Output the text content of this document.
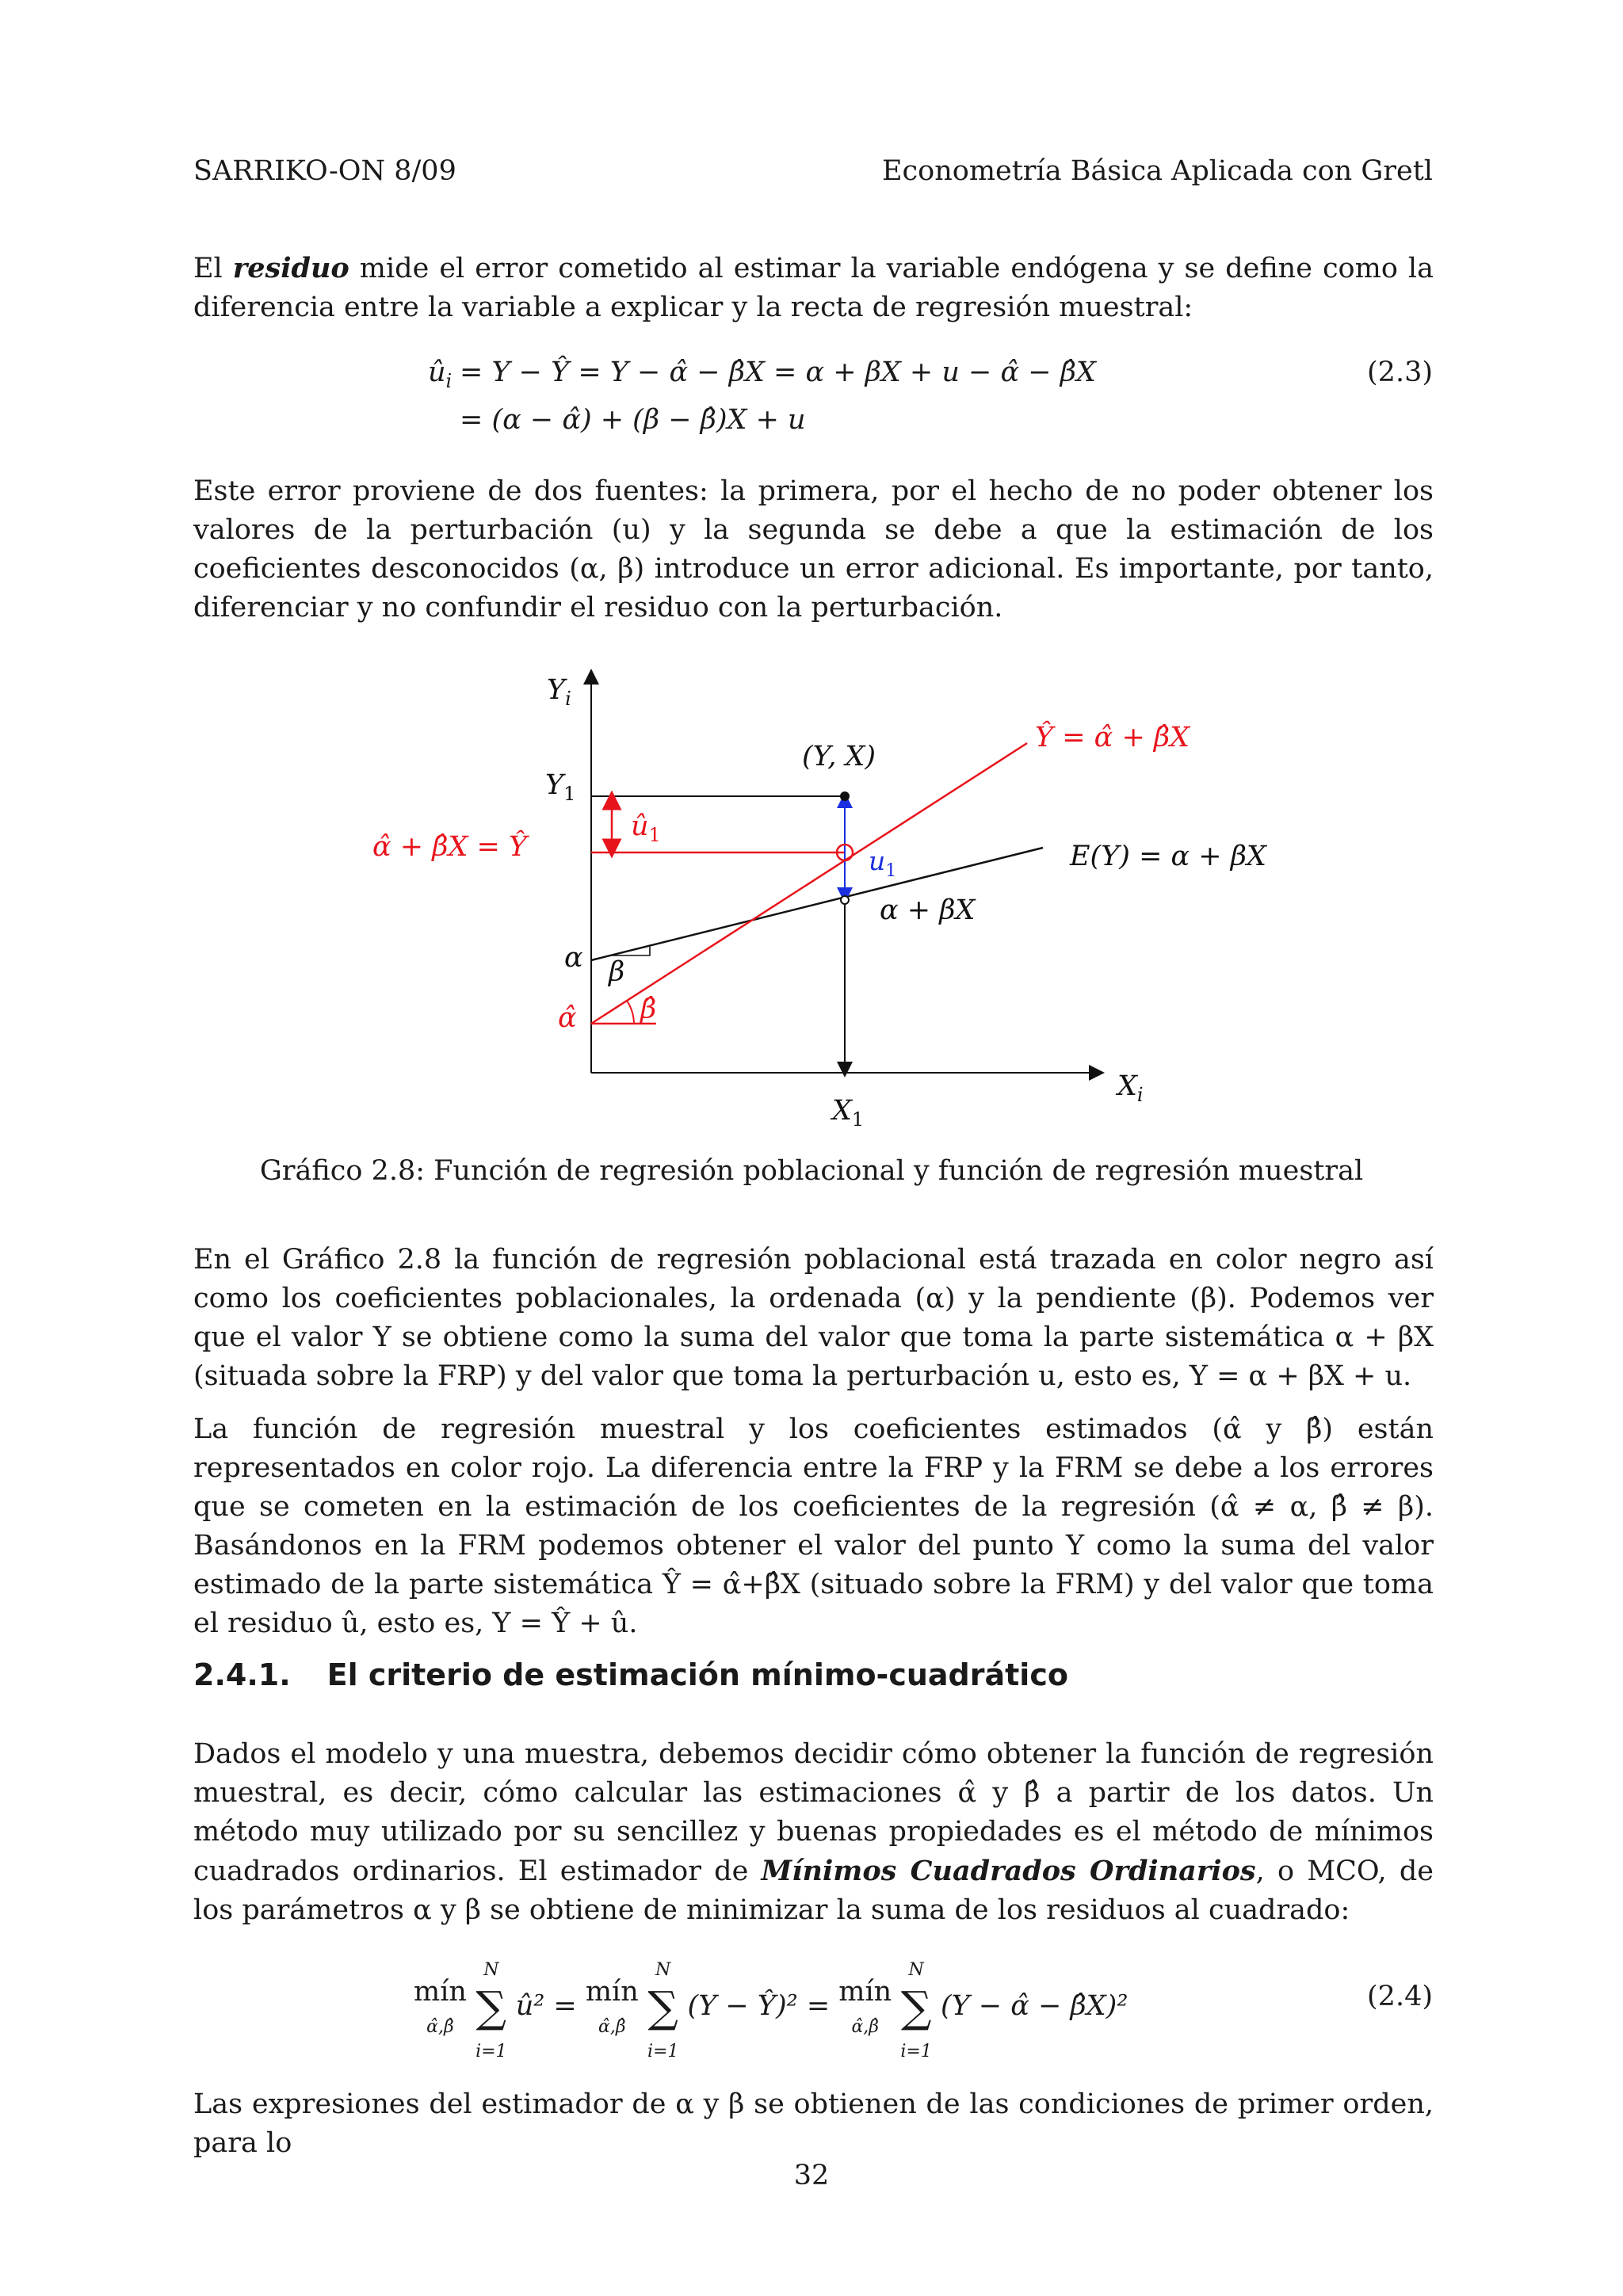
SARRIKO-ON 8/09	Econometría Básica Aplicada con Gretl
El residuo mide el error cometido al estimar la variable endógena y se define como la diferencia entre la variable a explicar y la recta de regresión muestral:
$û_i = Y$ − Ŷ = Y − α̂ − β̂X = α + βX + u − α̂ − β̂X
= (α − α̂) + (β − β̂)X + u
(2.3)
Este error proviene de dos fuentes: la primera, por el hecho de no poder obtener los valores de la perturbación (u) y la segunda se debe a que la estimación de los coeficientes desconocidos (α, β) introduce un error adicional. Es importante, por tanto, diferenciar y no confundir el residuo con la perturbación.
$Y_i$
$X_i$
$Y_1$
$X_1$
α
α̂
β
β̂
$û_1$
$u_1$
(Y, X)
α + βX
Ŷ = α̂ + β̂X
E(Y) = α + βX
α̂ + β̂X = Ŷ
Gráfico 2.8: Función de regresión poblacional y función de regresión muestral
En el Gráfico 2.8 la función de regresión poblacional está trazada en color negro así como los coeficientes poblacionales, la ordenada (α) y la pendiente (β). Podemos ver que el valor Y se obtiene como la suma del valor que toma la parte sistemática α + βX (situada sobre la FRP) y del valor que toma la perturbación u, esto es, Y = α + βX + u.
La función de regresión muestral y los coeficientes estimados (α̂ y β̂) están representados en color rojo. La diferencia entre la FRP y la FRM se debe a los errores que se cometen en la estimación de los coeficientes de la regresión (α̂ ≠ α, β̂ ≠ β). Basándonos en la FRM podemos obtener el valor del punto Y como la suma del valor estimado de la parte sistemática Ŷ = α̂+β̂X (situado sobre la FRM) y del valor que toma el residuo û, esto es, Y = Ŷ + û.
2.4.1. El criterio de estimación mínimo-cuadrático
Dados el modelo y una muestra, debemos decidir cómo obtener la función de regresión muestral, es decir, cómo calcular las estimaciones α̂ y β̂ a partir de los datos. Un método muy utilizado por su sencillez y buenas propiedades es el método de mínimos cuadrados ordinarios. El estimador de Mínimos Cuadrados Ordinarios, o MCO, de los parámetros α y β se obtiene de minimizar la suma de los residuos al cuadrado:
mín
α̂,β̂ N
∑
i=1 û² = mín
α̂,β̂ N
∑
i=1 (Y − Ŷ)² = mín
α̂,β̂ N
∑
i=1 (Y − α̂ − β̂X)²	(2.4)
Las expresiones del estimador de α y β se obtienen de las condiciones de primer orden, para lo
32
